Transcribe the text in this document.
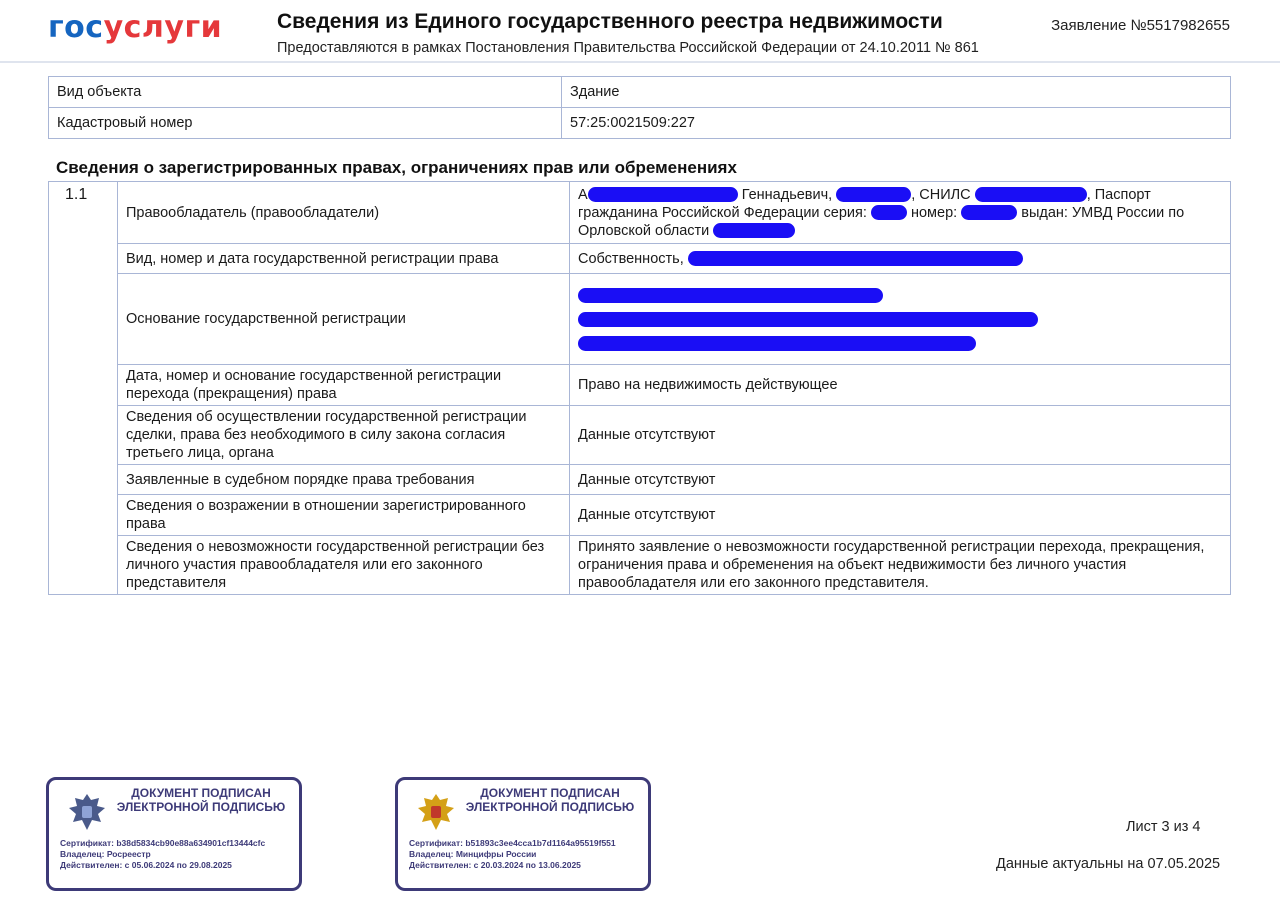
госуслуги	Сведения из Единого государственного реестра недвижимости
Предоставляются в рамках Постановления Правительства Российской Федерации от 24.10.2011 № 861
Заявление №5517982655
Вид объекта	Здание
Кадастровый номер	57:25:0021509:227
Сведения о зарегистрированных правах, ограничениях прав или обременениях
1.1	Правообладатель (правообладатели)	А Геннадьевич, , СНИЛС , Паспорт гражданина Российской Федерации серия: номер: выдан: УМВД России по Орловской области
	Вид, номер и дата государственной регистрации права	Собственность,
	Основание государственной регистрации	

	Дата, номер и основание государственной регистрации перехода (прекращения) права	Право на недвижимость действующее
	Сведения об осуществлении государственной регистрации сделки, права без необходимого в силу закона согласия третьего лица, органа	Данные отсутствуют
	Заявленные в судебном порядке права требования	Данные отсутствуют
	Сведения о возражении в отношении зарегистрированного права	Данные отсутствуют
	Сведения о невозможности государственной регистрации без личного участия правообладателя или его законного представителя	Принято заявление о невозможности государственной регистрации перехода, прекращения, ограничения права и обременения на объект недвижимости без личного участия правообладателя или его законного представителя.
ДОКУМЕНТ ПОДПИСАН ЭЛЕКТРОННОЙ ПОДПИСЬЮ
Сертификат: b38d5834cb90e88a634901cf13444cfc
Владелец: Росреестр
Действителен: с 05.06.2024 по 29.08.2025
ДОКУМЕНТ ПОДПИСАН ЭЛЕКТРОННОЙ ПОДПИСЬЮ
Сертификат: b51893c3ee4cca1b7d1164a95519f551
Владелец: Минцифры России
Действителен: с 20.03.2024 по 13.06.2025
Лист 3 из 4
Данные актуальны на 07.05.2025
